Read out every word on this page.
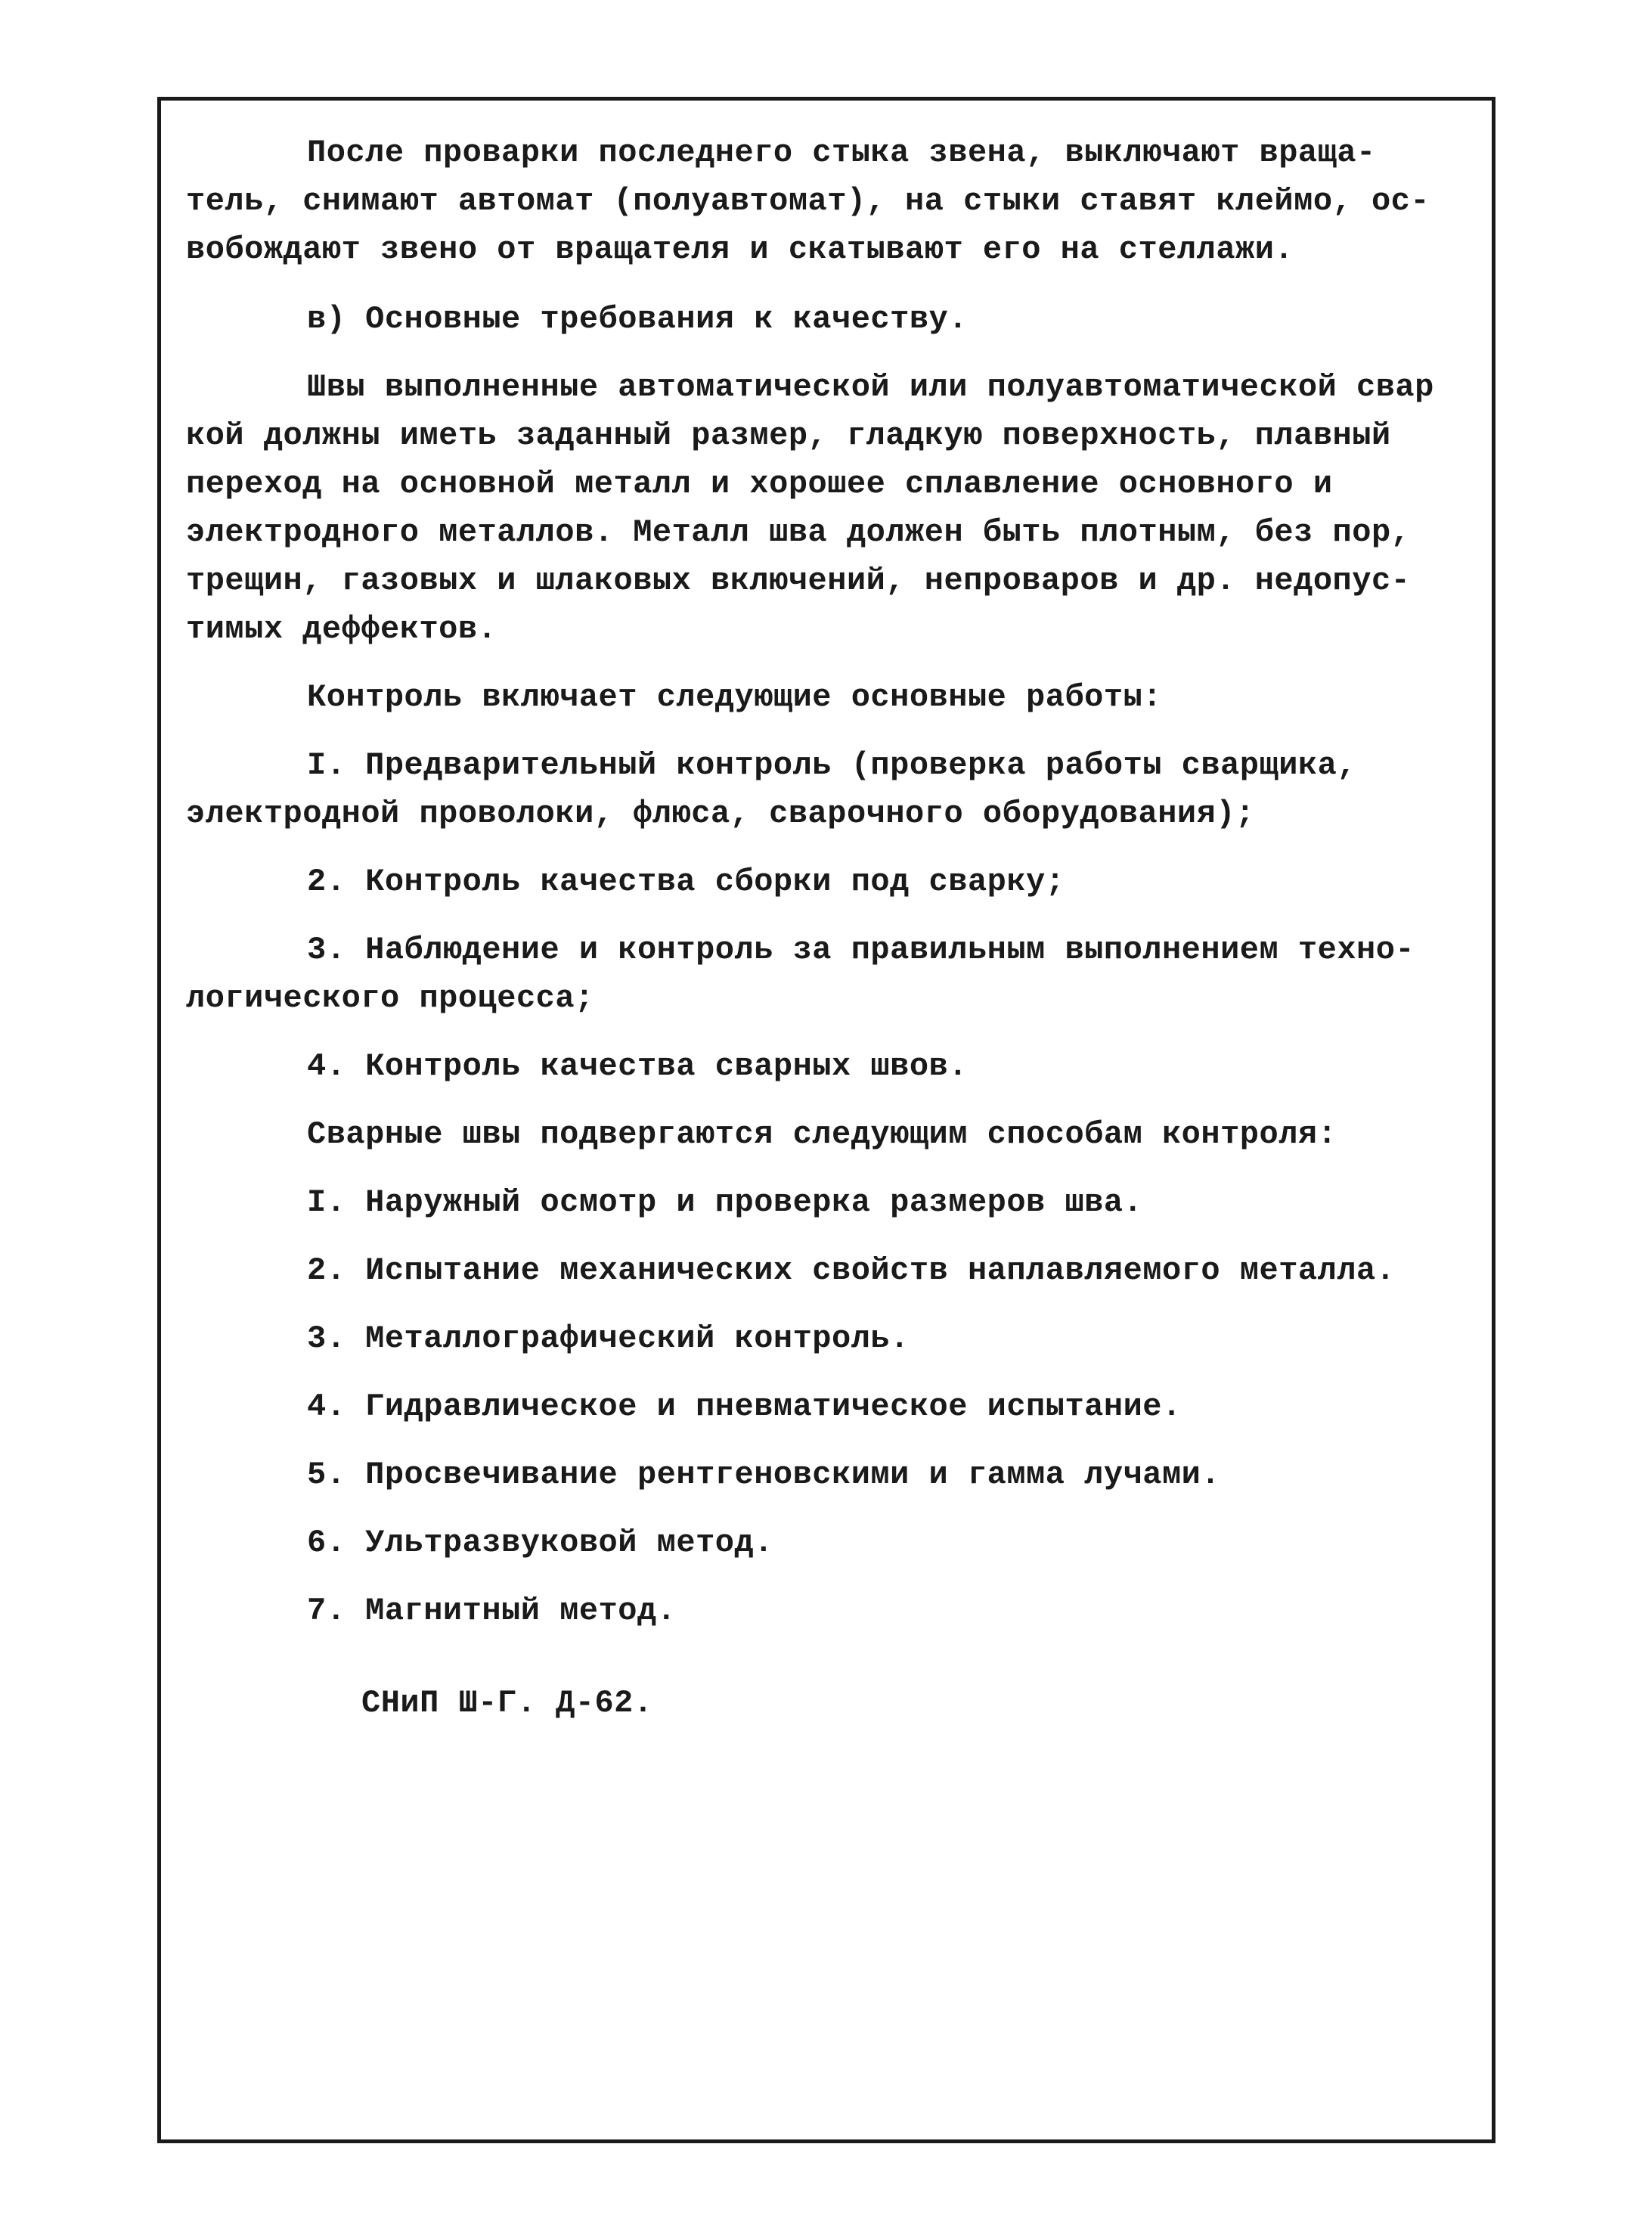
После проварки последнего стыка звена, выключают враща-
тель, снимают автомат (полуавтомат), на стыки ставят клеймо, ос-
вобождают звено от вращателя и скатывают его на стеллажи.

в) Основные требования к качеству.

Швы выполненные автоматической или полуавтоматической свар
кой должны иметь заданный размер, гладкую поверхность, плавный
переход на основной металл и хорошее сплавление основного и
электродного металлов. Металл шва должен быть плотным, без пор,
трещин, газовых и шлаковых включений, непроваров и др. недопус-
тимых деффектов.

Контроль включает следующие основные работы:

I. Предварительный контроль (проверка работы сварщика,
электродной проволоки, флюса, сварочного оборудования);

2. Контроль качества сборки под сварку;

3. Наблюдение и контроль за правильным выполнением техно-
логического процесса;

4. Контроль качества сварных швов.

Сварные швы подвергаются следующим способам контроля:

I. Наружный осмотр и проверка размеров шва.

2. Испытание механических свойств наплавляемого металла.

3. Металлографический контроль.

4. Гидравлическое и пневматическое испытание.

5. Просвечивание рентгеновскими и гамма лучами.

6. Ультразвуковой метод.

7. Магнитный метод.

СНиП Ш-Г. Д-62.
